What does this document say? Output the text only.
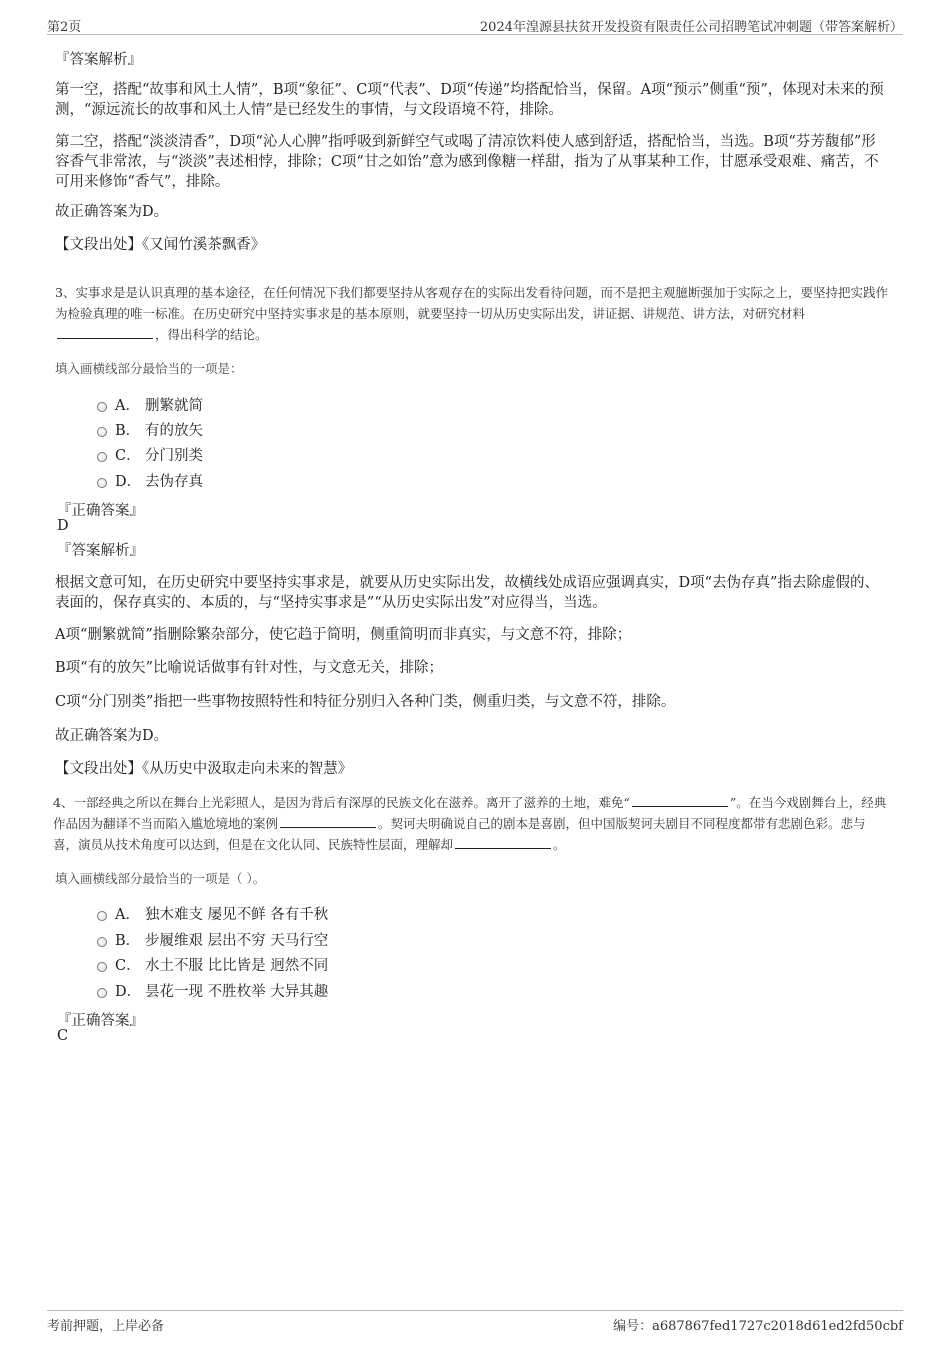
第2页	2024年湟源县扶贫开发投资有限责任公司招聘笔试冲刺题（带答案解析）
『答案解析』
第一空，搭配“故事和风土人情”，B项“象征”、C项“代表”、D项“传递”均搭配恰当，保留。A项“预示”侧重“预”，体现对未来的预测，“源远流长的故事和风土人情”是已经发生的事情，与文段语境不符，排除。
第二空，搭配“淡淡清香”，D项“沁人心脾”指呼吸到新鲜空气或喝了清凉饮料使人感到舒适，搭配恰当，当选。B项“芬芳馥郁”形容香气非常浓，与“淡淡”表述相悖，排除；C项“甘之如饴”意为感到像糖一样甜，指为了从事某种工作，甘愿承受艰难、痛苦，不可用来修饰“香气”，排除。
故正确答案为D。
【文段出处】《又闻竹溪茶飘香》
3、实事求是是认识真理的基本途径，在任何情况下我们都要坚持从客观存在的实际出发看待问题，而不是把主观臆断强加于实际之上，要坚持把实践作为检验真理的唯一标准。在历史研究中坚持实事求是的基本原则，就要坚持一切从历史实际出发，讲证据、讲规范、讲方法，对研究材料，得出科学的结论。
填入画横线部分最恰当的一项是：
A． 删繁就简
B． 有的放矢
C． 分门别类
D． 去伪存真
『正确答案』
D
『答案解析』
根据文意可知，在历史研究中要坚持实事求是，就要从历史实际出发，故横线处成语应强调真实，D项“去伪存真”指去除虚假的、表面的，保存真实的、本质的，与“坚持实事求是”“从历史实际出发”对应得当，当选。
A项“删繁就简”指删除繁杂部分，使它趋于简明，侧重简明而非真实，与文意不符，排除；
B项“有的放矢”比喻说话做事有针对性，与文意无关，排除；
C项“分门别类”指把一些事物按照特性和特征分别归入各种门类，侧重归类，与文意不符，排除。
故正确答案为D。
【文段出处】《从历史中汲取走向未来的智慧》
4、一部经典之所以在舞台上光彩照人，是因为背后有深厚的民族文化在滋养。离开了滋养的土地，难免“	”。在当今戏剧舞台上，经典作品因为翻译不当而陷入尴尬境地的案例	。契诃夫明确说自己的剧本是喜剧，但中国版契诃夫剧目不同程度都带有悲剧色彩。悲与喜，演员从技术角度可以达到，但是在文化认同、民族特性层面，理解却	。
填入画横线部分最恰当的一项是（ ）。
A． 独木难支 屡见不鲜 各有千秋
B． 步履维艰 层出不穷 天马行空
C． 水土不服 比比皆是 迥然不同
D． 昙花一现 不胜枚举 大异其趣
『正确答案』
C
考前押题，上岸必备	编号：a687867fed1727c2018d61ed2fd50cbf
